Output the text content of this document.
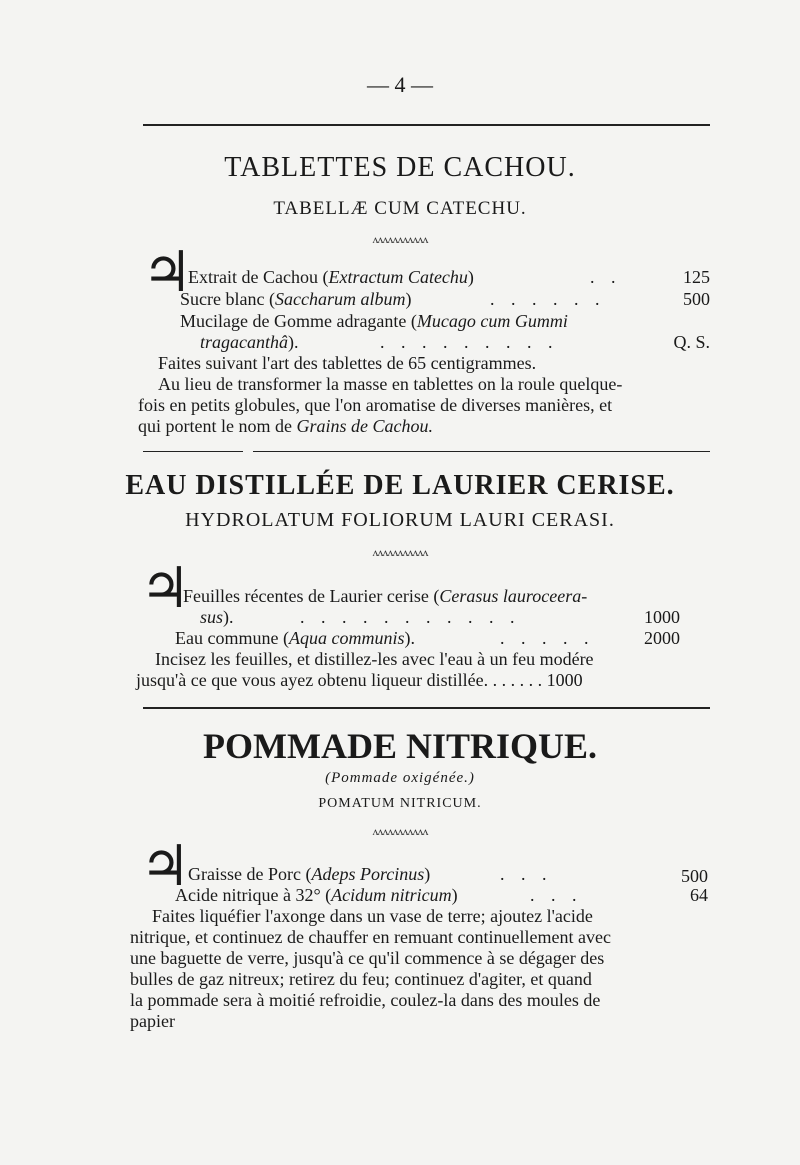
— 4 —
TABLETTES DE CACHOU.
TABELLÆ CUM CATECHU.
ᴧᴧᴧᴧᴧᴧᴧᴧᴧᴧᴧ
♃
Extrait de Cachou (Extractum Catechu)	. .	125
Sucre blanc (Saccharum album)	. . . . . .	500
Mucilage de Gomme adragante (Mucago cum Gummi
tragacanthâ).	. . . . . . . . .	Q. S.
Faites suivant l'art des tablettes de 65 centigrammes.
Au lieu de transformer la masse en tablettes on la roule quelque-
fois en petits globules, que l'on aromatise de diverses manières, et
qui portent le nom de Grains de Cachou.
EAU DISTILLÉE DE LAURIER CERISE.
HYDROLATUM FOLIORUM LAURI CERASI.
ᴧᴧᴧᴧᴧᴧᴧᴧᴧᴧᴧ
♃
Feuilles récentes de Laurier cerise (Cerasus lauroceera-
sus).	. . . . . . . . . . .	1000
Eau commune (Aqua communis).	. . . . .	2000
Incisez les feuilles, et distillez-les avec l'eau à un feu modére
jusqu'à ce que vous ayez obtenu liqueur distillée. . . . . . . 1000
POMMADE NITRIQUE.
(Pommade oxigénée.)
POMATUM NITRICUM.
ᴧᴧᴧᴧᴧᴧᴧᴧᴧᴧᴧ
♃
Graisse de Porc (Adeps Porcinus)	. . .	500
Acide nitrique à 32° (Acidum nitricum)	. . .	64
Faites liquéfier l'axonge dans un vase de terre; ajoutez l'acide
nitrique, et continuez de chauffer en remuant continuellement avec
une baguette de verre, jusqu'à ce qu'il commence à se dégager des
bulles de gaz nitreux; retirez du feu; continuez d'agiter, et quand
la pommade sera à moitié refroidie, coulez-la dans des moules de
papier
